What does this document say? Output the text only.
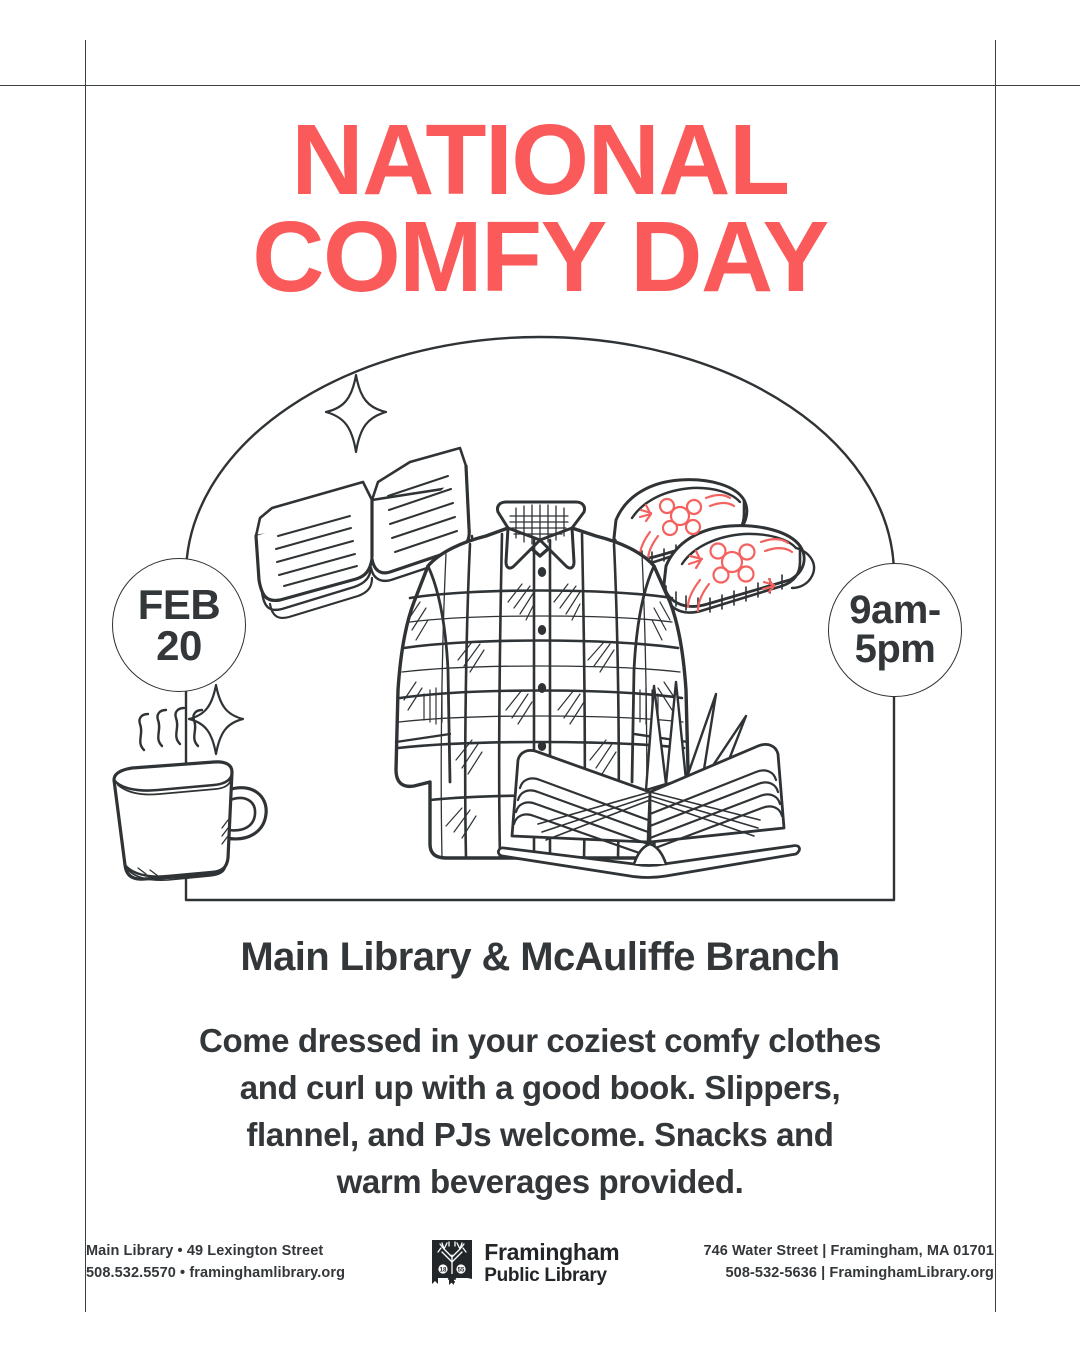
NATIONAL
COMFY DAY
FEB
20
9am-
5pm
Main Library & McAuliffe Branch
Come dressed in your coziest comfy clothes
and curl up with a good book. Slippers,
flannel, and PJs welcome. Snacks and
warm beverages provided.
Main Library • 49 Lexington Street
508.532.5570 • framinghamlibrary.org	18 55
Framingham
Public Library
746 Water Street | Framingham, MA 01701
508-532-5636 | FraminghamLibrary.org
